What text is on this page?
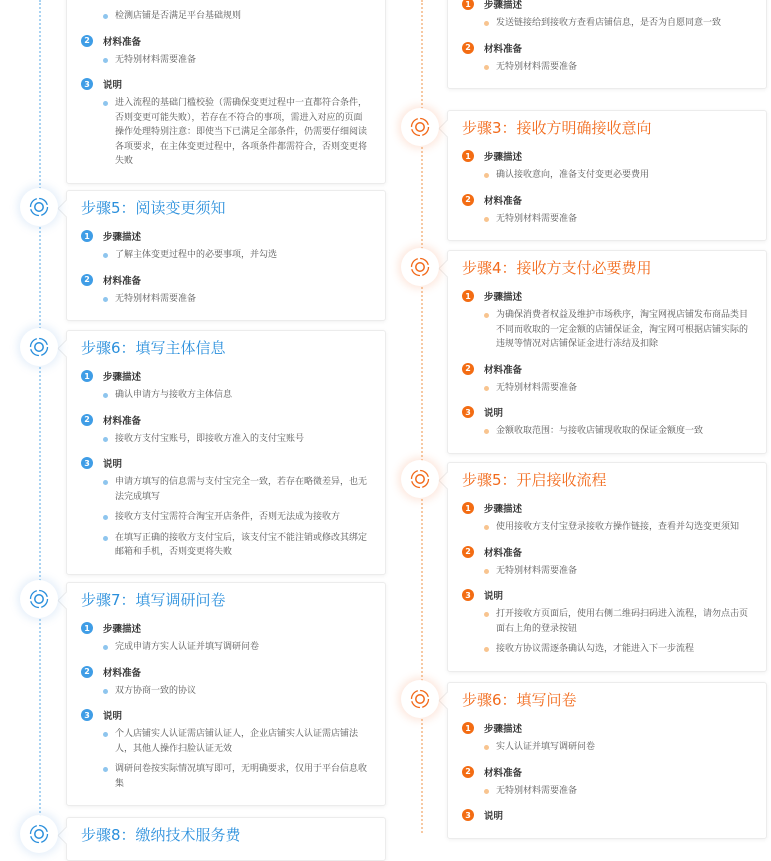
检测店铺是否满足平台基础规则
2	材料准备
无特别材料需要准备
3	说明
进入流程的基础门槛校验（需确保变更过程中一直都符合条件，否则变更可能失败），若存在不符合的事项，需进入对应的页面操作处理特别注意：即使当下已满足全部条件，仍需要仔细阅读各项要求，在主体变更过程中，各项条件都需符合，否则变更将失败
步骤5：阅读变更须知
1	步骤描述
了解主体变更过程中的必要事项，并勾选
2	材料准备
无特别材料需要准备
步骤6：填写主体信息
1	步骤描述
确认申请方与接收方主体信息
2	材料准备
接收方支付宝账号，即接收方准入的支付宝账号
3	说明
申请方填写的信息需与支付宝完全一致，若存在略微差异，也无法完成填写
接收方支付宝需符合淘宝开店条件，否则无法成为接收方
在填写正确的接收方支付宝后，该支付宝不能注销或修改其绑定邮箱和手机，否则变更将失败
步骤7：填写调研问卷
1	步骤描述
完成申请方实人认证并填写调研问卷
2	材料准备
双方协商一致的协议
3	说明
个人店铺实人认证需店铺认证人，企业店铺实人认证需店铺法人，其他人操作扫脸认证无效
调研问卷按实际情况填写即可，无明确要求，仅用于平台信息收集
步骤8：缴纳技术服务费
1	步骤描述
发送链接给到接收方查看店铺信息，是否为自愿同意一致
2	材料准备
无特别材料需要准备
步骤3：接收方明确接收意向
1	步骤描述
确认接收意向，准备支付变更必要费用
2	材料准备
无特别材料需要准备
步骤4：接收方支付必要费用
1	步骤描述
为确保消费者权益及维护市场秩序，淘宝网视店铺发布商品类目不同而收取的一定金额的店铺保证金，淘宝网可根据店铺实际的违规等情况对店铺保证金进行冻结及扣除
2	材料准备
无特别材料需要准备
3	说明
金额收取范围：与接收店铺现收取的保证金额度一致
步骤5：开启接收流程
1	步骤描述
使用接收方支付宝登录接收方操作链接，查看并勾选变更须知
2	材料准备
无特别材料需要准备
3	说明
打开接收方页面后，使用右侧二维码扫码进入流程，请勿点击页面右上角的登录按钮
接收方协议需逐条确认勾选，才能进入下一步流程
步骤6：填写问卷
1	步骤描述
实人认证并填写调研问卷
2	材料准备
无特别材料需要准备
3	说明
